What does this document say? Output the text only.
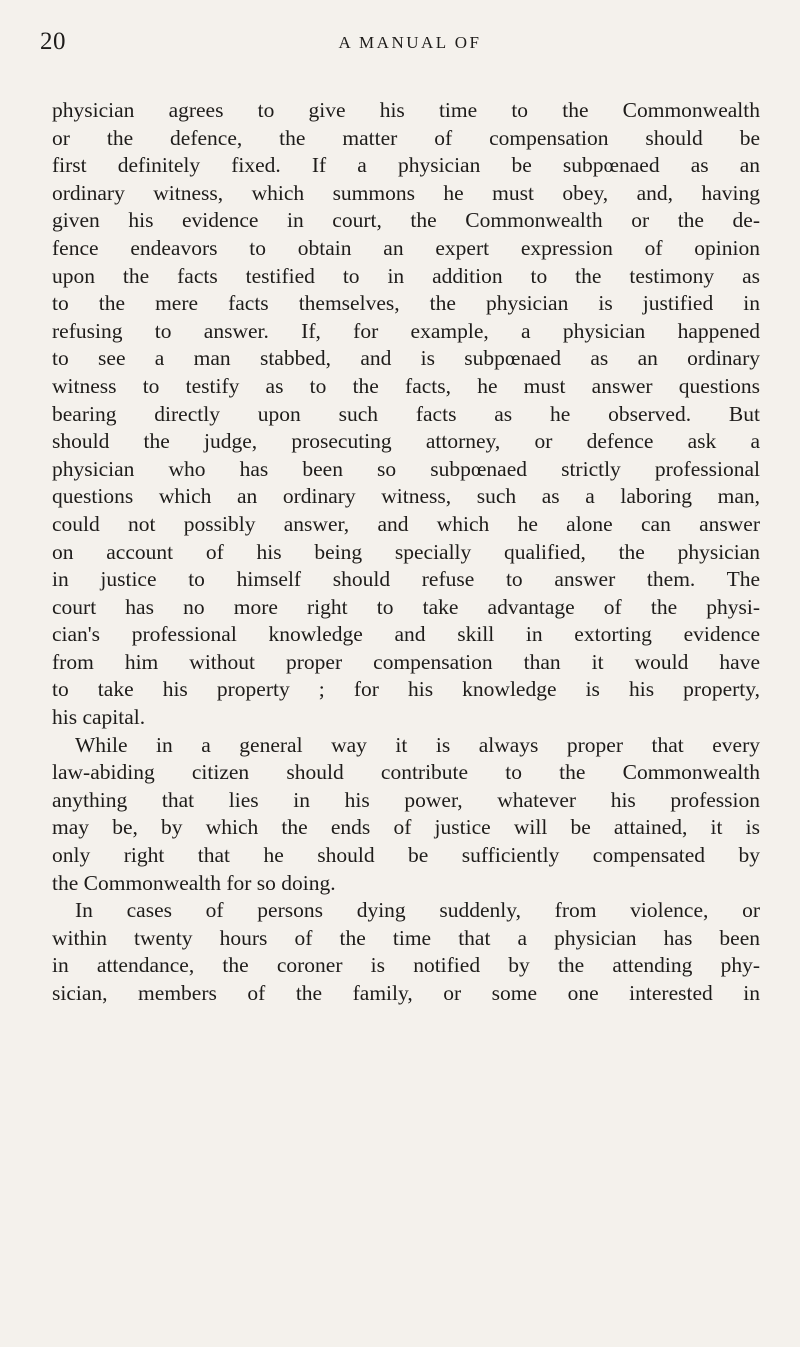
20	A MANUAL OF
physician agrees to give his time to the Commonwealth
or the defence, the matter of compensation should be
first definitely fixed. If a physician be subpœnaed as an
ordinary witness, which summons he must obey, and, having
given his evidence in court, the Commonwealth or the de-
fence endeavors to obtain an expert expression of opinion
upon the facts testified to in addition to the testimony as
to the mere facts themselves, the physician is justified in
refusing to answer. If, for example, a physician happened
to see a man stabbed, and is subpœnaed as an ordinary
witness to testify as to the facts, he must answer questions
bearing directly upon such facts as he observed. But
should the judge, prosecuting attorney, or defence ask a
physician who has been so subpœnaed strictly professional
questions which an ordinary witness, such as a laboring man,
could not possibly answer, and which he alone can answer
on account of his being specially qualified, the physician
in justice to himself should refuse to answer them. The
court has no more right to take advantage of the physi-
cian's professional knowledge and skill in extorting evidence
from him without proper compensation than it would have
to take his property ; for his knowledge is his property,
his capital.
While in a general way it is always proper that every
law-abiding citizen should contribute to the Commonwealth
anything that lies in his power, whatever his profession
may be, by which the ends of justice will be attained, it is
only right that he should be sufficiently compensated by
the Commonwealth for so doing.
In cases of persons dying suddenly, from violence, or
within twenty hours of the time that a physician has been
in attendance, the coroner is notified by the attending phy-
sician, members of the family, or some one interested in
